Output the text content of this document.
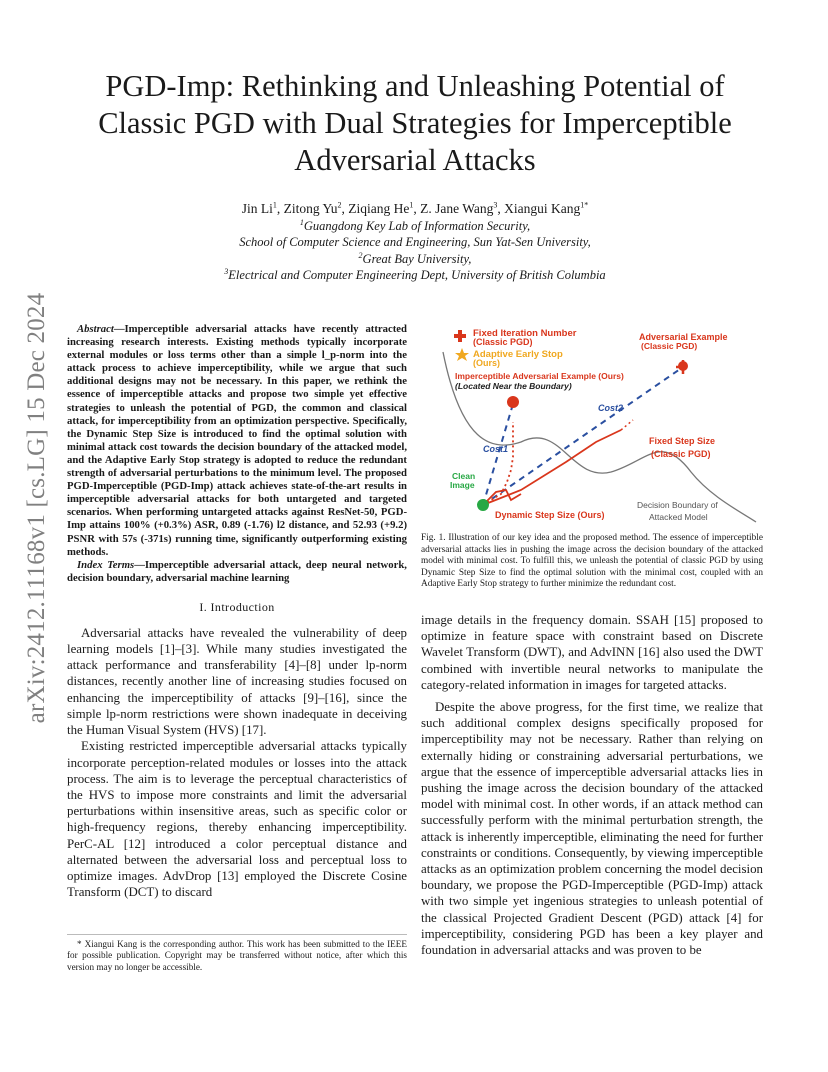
arXiv:2412.11168v1 [cs.LG] 15 Dec 2024
PGD-Imp: Rethinking and Unleashing Potential of Classic PGD with Dual Strategies for Imperceptible Adversarial Attacks
Jin Li$^1$, Zitong Yu$^2$, Ziqiang He$^1$, Z. Jane Wang$^3$, Xiangui Kang$^{1*}$
$^1$Guangdong Key Lab of Information Security,
School of Computer Science and Engineering, Sun Yat-Sen University,
$^2$Great Bay University,
$^3$Electrical and Computer Engineering Dept, University of British Columbia

Abstract—Imperceptible adversarial attacks have recently attracted increasing research interests. Existing methods typically incorporate external modules or loss terms other than a simple l_p-norm into the attack process to achieve imperceptibility, while we argue that such additional designs may not be necessary. In this paper, we rethink the essence of imperceptible attacks and propose two simple yet effective strategies to unleash the potential of PGD, the common and classical attack, for imperceptibility from an optimization perspective. Specifically, the Dynamic Step Size is introduced to find the optimal solution with minimal attack cost towards the decision boundary of the attacked model, and the Adaptive Early Stop strategy is adopted to reduce the redundant strength of adversarial perturbations to the minimum level. The proposed PGD-Imperceptible (PGD-Imp) attack achieves state-of-the-art results in imperceptible adversarial attacks for both untargeted and targeted scenarios. When performing untargeted attacks against ResNet-50, PGD-Imp attains 100% (+0.3%) ASR, 0.89 (-1.76) l2 distance, and 52.93 (+9.2) PSNR with 57s (-371s) running time, significantly outperforming existing methods.

Index Terms—Imperceptible adversarial attack, deep neural network, decision boundary, adversarial machine learning

I. Introduction

Adversarial attacks have revealed the vulnerability of deep learning models [1]–[3]. While many studies investigated the attack performance and transferability [4]–[8] under lp-norm distances, recently another line of increasing studies focused on enhancing the imperceptibility of attacks [9]–[16], since the simple lp-norm restrictions were shown inadequate in deceiving the Human Visual System (HVS) [17].

Existing restricted imperceptible adversarial attacks typically incorporate perception-related modules or losses into the attack process. The aim is to leverage the perceptual characteristics of the HVS to impose more constraints and limit the adversarial perturbations within insensitive areas, such as specific color or high-frequency regions, thereby enhancing imperceptibility. PerC-AL [12] introduced a color perceptual distance and alternated between the adversarial loss and perceptual loss to optimize images. AdvDrop [13] employed the Discrete Cosine Transform (DCT) to discard

* Xiangui Kang is the corresponding author. This work has been submitted to the IEEE for possible publication. Copyright may be transferred without notice, after which this version may no longer be accessible.
Fixed Iteration Number
(Classic PGD)
Adaptive Early Stop
(Ours)
Imperceptible Adversarial Example (Ours)
(Located Near the Boundary)
Adversarial Example
(Classic PGD)
Cost2
Cost1
Clean
Image
Fixed Step Size
(Classic PGD)
Dynamic Step Size (Ours)
Decision Boundary of
Attacked Model

Fig. 1. Illustration of our key idea and the proposed method. The essence of imperceptible adversarial attacks lies in pushing the image across the decision boundary of the attacked model with minimal cost. To fulfill this, we unleash the potential of classic PGD by using Dynamic Step Size to find the optimal solution with the minimal cost, coupled with an Adaptive Early Stop strategy to further minimize the redundant cost.

image details in the frequency domain. SSAH [15] proposed to optimize in feature space with constraint based on Discrete Wavelet Transform (DWT), and AdvINN [16] also used the DWT combined with invertible neural networks to manipulate the category-related information in images for targeted attacks.

Despite the above progress, for the first time, we realize that such additional complex designs specifically proposed for imperceptibility may not be necessary. Rather than relying on externally hiding or constraining adversarial perturbations, we argue that the essence of imperceptible adversarial attacks lies in pushing the image across the decision boundary of the attacked model with minimal cost. In other words, if an attack method can successfully perform with the minimal perturbation strength, the attack is inherently imperceptible, eliminating the need for further constraints or conditions. Consequently, by viewing imperceptible attacks as an optimization problem concerning the model decision boundary, we propose the PGD-Imperceptible (PGD-Imp) attack with two simple yet ingenious strategies to unleash potential of the classical Projected Gradient Descent (PGD) attack [4] for imperceptibility, considering PGD has been a key player and foundation in adversarial attacks and was proven to be
